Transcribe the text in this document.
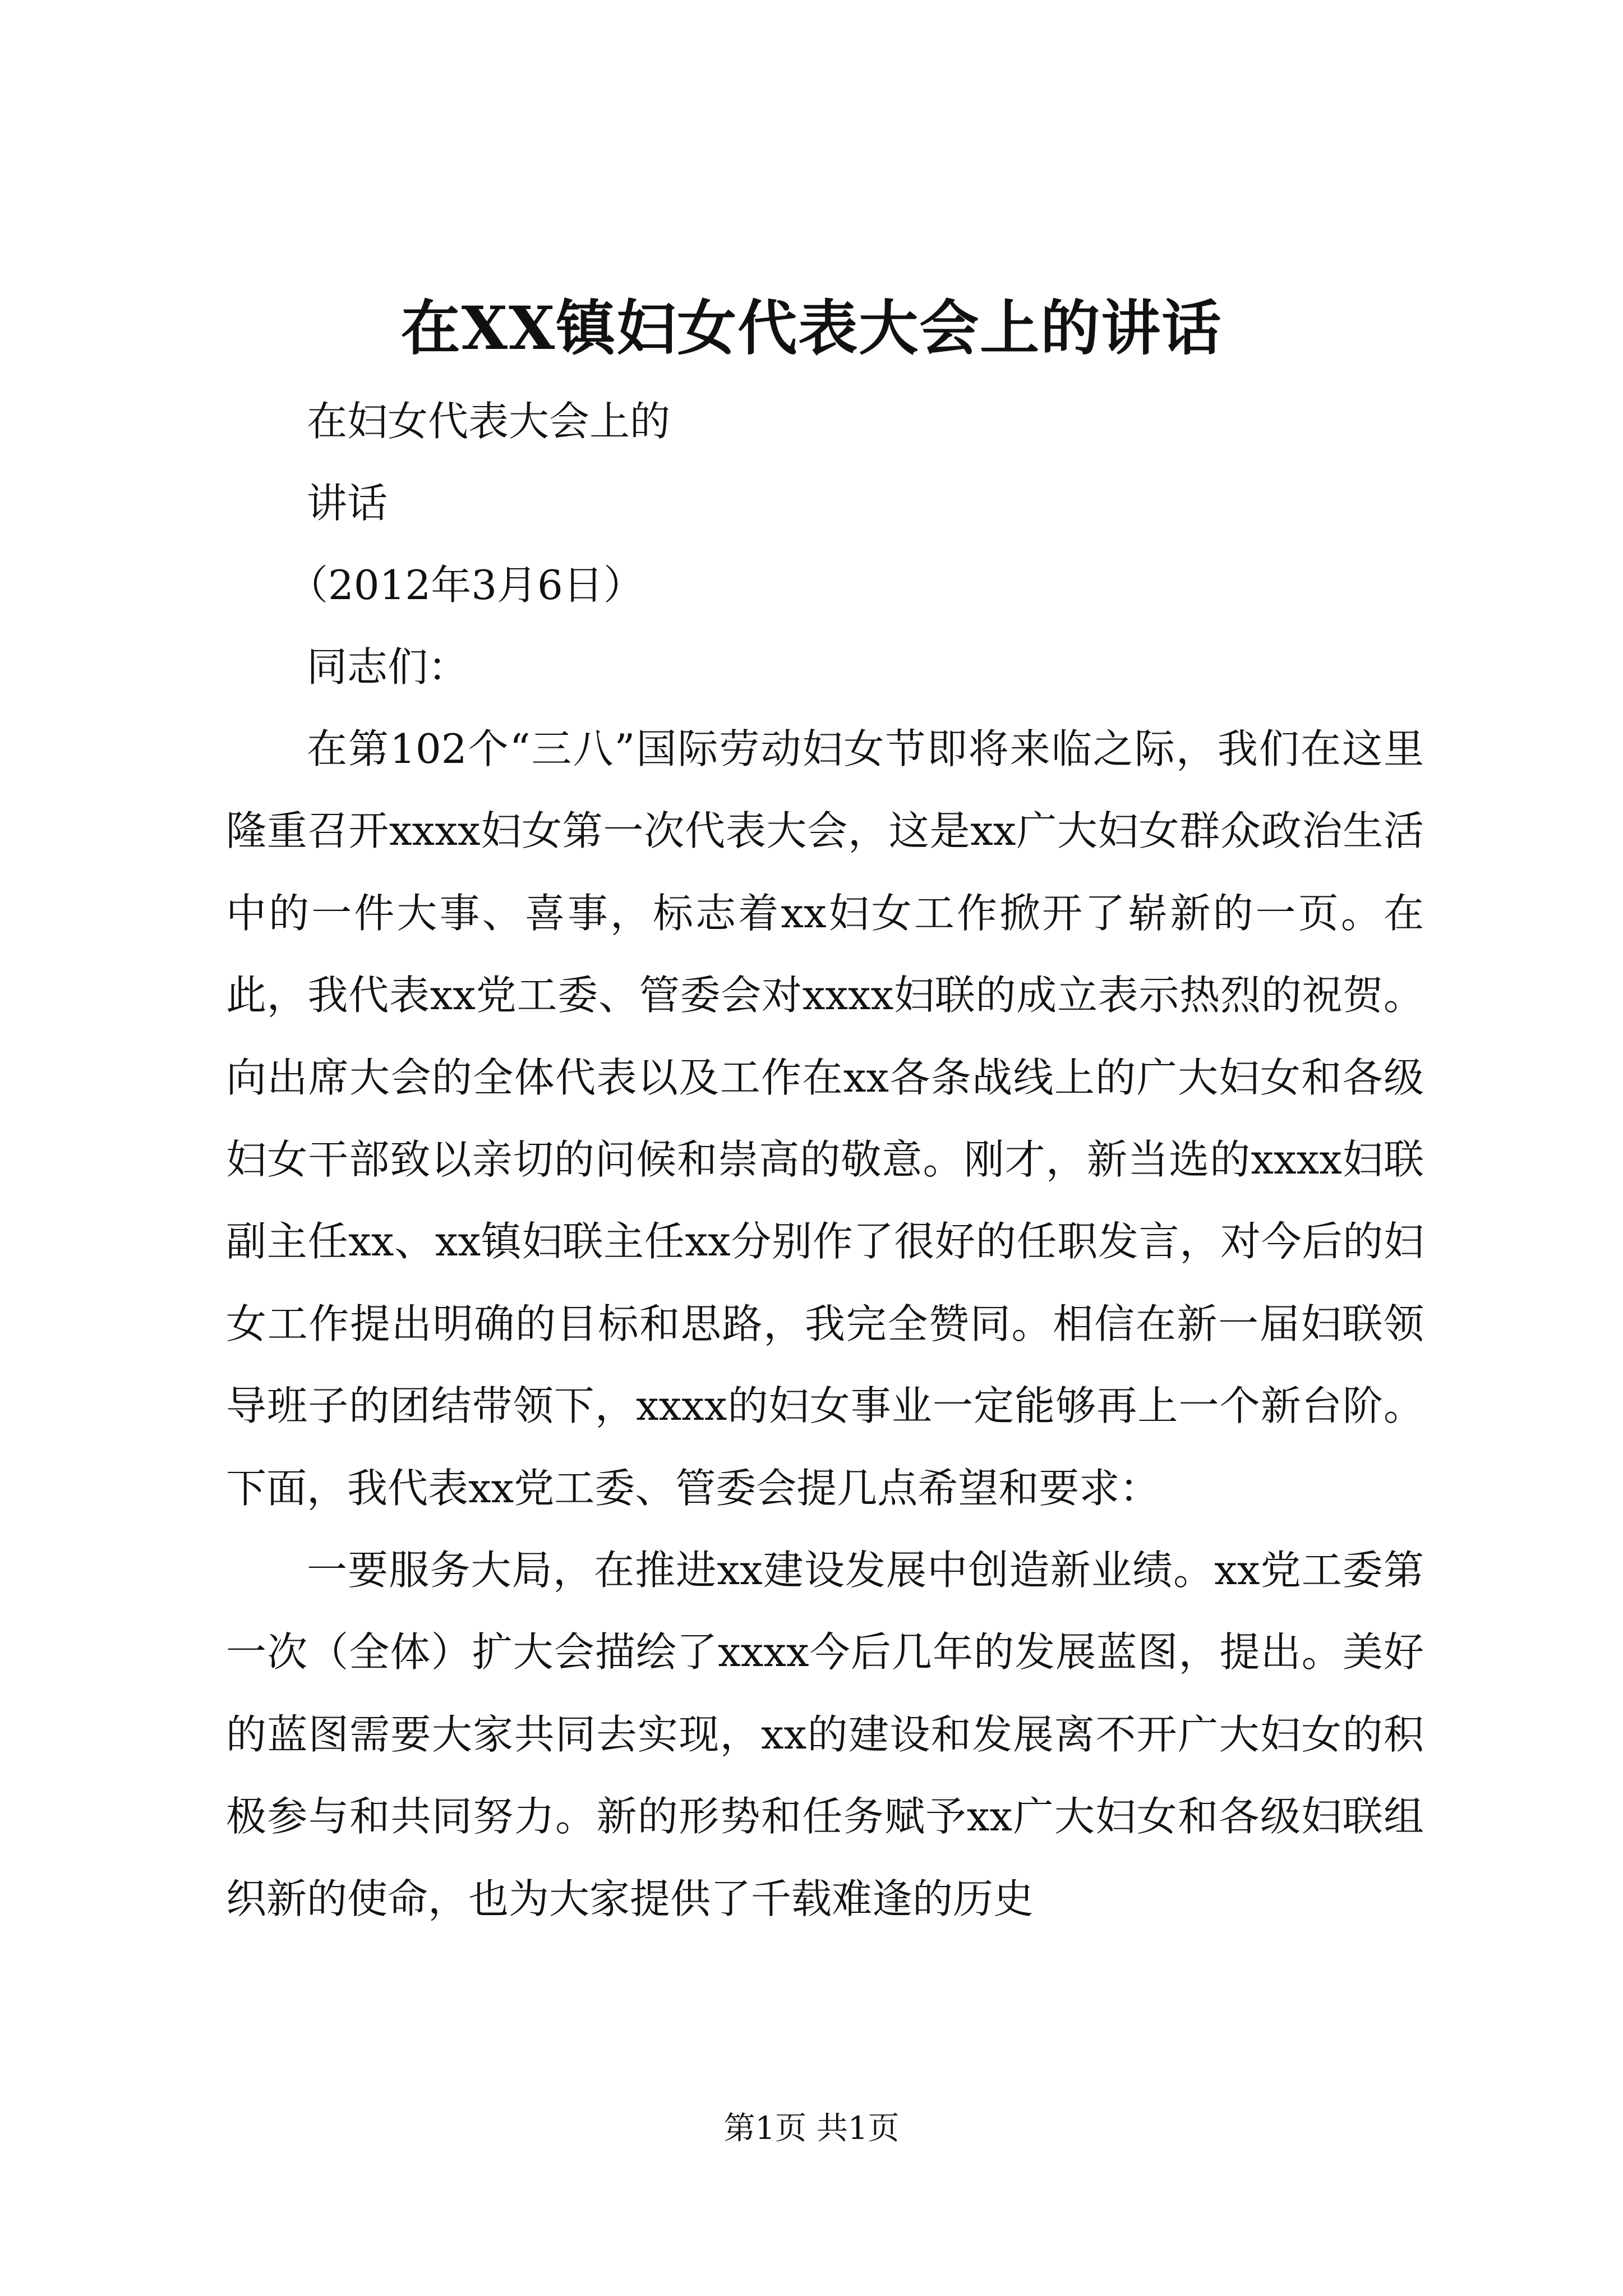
在XX镇妇女代表大会上的讲话

在妇女代表大会上的

讲话

（2012年3月6日）

同志们：

在第102个“三八”国际劳动妇女节即将来临之际，我们在这里隆重召开xxxx妇女第一次代表大会，这是xx广大妇女群众政治生活中的一件大事、喜事，标志着xx妇女工作掀开了崭新的一页。在此，我代表xx党工委、管委会对xxxx妇联的成立表示热烈的祝贺。向出席大会的全体代表以及工作在xx各条战线上的广大妇女和各级妇女干部致以亲切的问候和崇高的敬意。刚才，新当选的xxxx妇联副主任xx、xx镇妇联主任xx分别作了很好的任职发言，对今后的妇女工作提出明确的目标和思路，我完全赞同。相信在新一届妇联领导班子的团结带领下，xxxx的妇女事业一定能够再上一个新台阶。下面，我代表xx党工委、管委会提几点希望和要求：

一要服务大局，在推进xx建设发展中创造新业绩。xx党工委第一次（全体）扩大会描绘了xxxx今后几年的发展蓝图，提出。美好的蓝图需要大家共同去实现，xx的建设和发展离不开广大妇女的积极参与和共同努力。新的形势和任务赋予xx广大妇女和各级妇联组织新的使命，也为大家提供了千载难逢的历史

第1页 共1页
